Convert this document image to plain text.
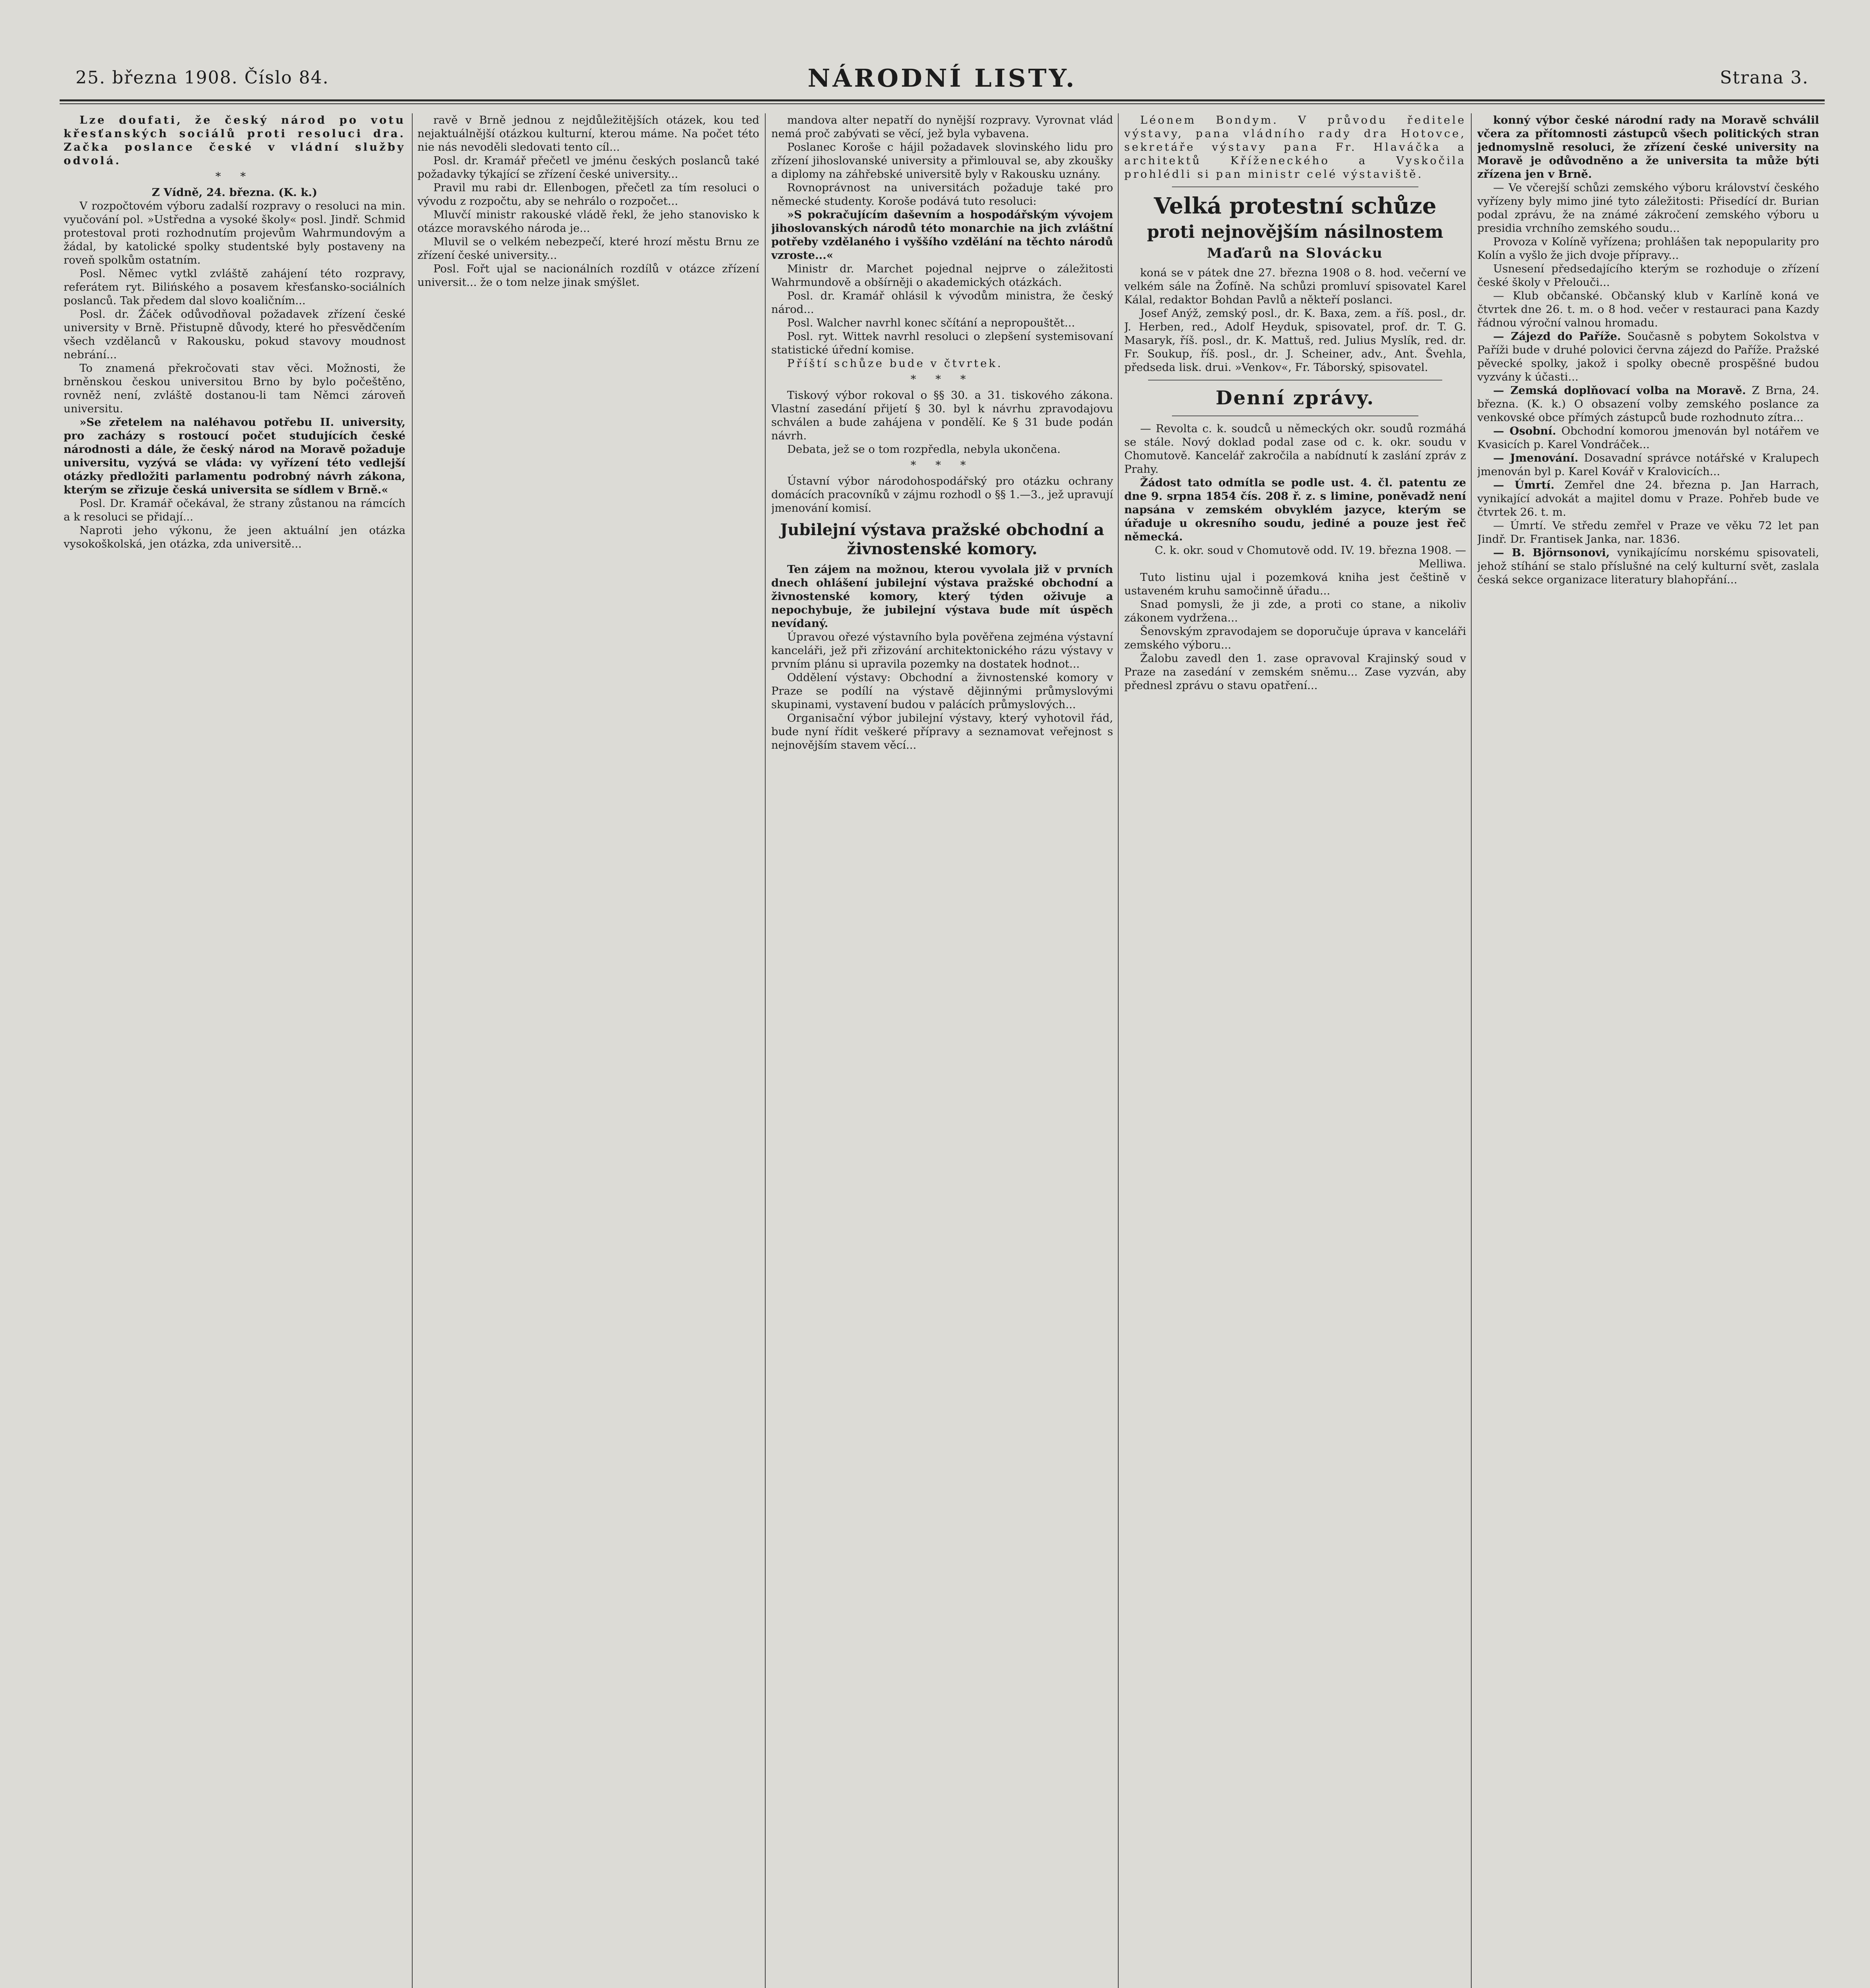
25. března 1908. Číslo 84.	NÁRODNÍ LISTY.	Strana 3.

Lze doufati, že český národ po votu křesťanských sociálů proti resoluci dra. Začka poslance české v vládní služby odvolá.

* *

Z Vídně, 24. března. (K. k.)

V rozpočtovém výboru zadalší rozpravy o resoluci na min. vyučování pol. »Ustředna a vysoké školy« posl. Jindř. Schmid protestoval proti rozhodnutím projevům Wahrmundovým a žádal, by katolické spolky studentské byly postaveny na roveň spolkům ostatním.

Posl. Němec vytkl zvláště zahájení této rozpravy, referátem ryt. Bilińského a posavem křesťansko-sociálních poslanců. Tak předem dal slovo koaličním...

Posl. dr. Žáček odůvodňoval požadavek zřízení české university v Brně. Přistupně důvody, které ho přesvědčením všech vzdělanců v Rakousku, pokud stavovy moudnost nebrání...

To znamená překročovati stav věci. Možnosti, že brněnskou českou universitou Brno by bylo počeštěno, rovněž není, zvláště dostanou-li tam Němci zároveň universitu.

»Se zřetelem na naléhavou potřebu II. university, pro zacházy s rostoucí počet studujících české národnosti a dále, že český národ na Moravě požaduje universitu, vyzývá se vláda: vy vyřízení této vedlejší otázky předložiti parlamentu podrobný návrh zákona, kterým se zřizuje česká universita se sídlem v Brně.«

Posl. Dr. Kramář očekával, že strany zůstanou na rámcích a k resoluci se přidají...

Naproti jeho výkonu, že jeen aktuální jen otázka vysokoškolská, jen otázka, zda universitě...

ravě v Brně jednou z nejdůležitějších otázek, kou teď nejaktuálnější otázkou kulturní, kterou máme. Na počet této nie nás nevoděli sledovati tento cíl...

Posl. dr. Kramář přečetl ve jménu českých poslanců také požadavky týkající se zřízení české university...

Pravil mu rabi dr. Ellenbogen, přečetl za tím resoluci o vývodu z rozpočtu, aby se nehrálo o rozpočet...

Mluvčí ministr rakouské vládě řekl, že jeho stanovisko k otázce moravského národa je...

Mluvil se o velkém nebezpečí, které hrozí městu Brnu ze zřízení české university...

Posl. Fořt ujal se nacionálních rozdílů v otázce zřízení universit... že o tom nelze jinak smýšlet.

mandova alter nepatří do nynější rozpravy. Vyrovnat vlád nemá proč zabývati se věcí, jež byla vybavena.

Poslanec Koroše c hájil požadavek slovinského lidu pro zřízení jihoslovanské university a přimlouval se, aby zkoušky a diplomy na záhřebské universitě byly v Rakousku uznány.

Rovnoprávnost na universitách požaduje také pro německé studenty. Koroše podává tuto resoluci:

»S pokračujícím daševním a hospodářským vývojem jihoslovanských národů této monarchie na jich zvláštní potřeby vzdělaného i vyššího vzdělání na těchto národů vzroste...«

Ministr dr. Marchet pojednal nejprve o záležitosti Wahrmundově a obšírněji o akademických otázkách.

Posl. dr. Kramář ohlásil k vývodům ministra, že český národ...

Posl. Walcher navrhl konec sčítání a nepropouštět...

Posl. ryt. Wittek navrhl resoluci o zlepšení systemisovaní statistické úřední komise.

Příští schůze bude v čtvrtek.

* * *

Tiskový výbor rokoval o §§ 30. a 31. tiskového zákona. Vlastní zasedání přijetí § 30. byl k návrhu zpravodajovu schválen a bude zahájena v pondělí. Ke § 31 bude podán návrh.

Debata, jež se o tom rozpředla, nebyla ukončena.

* * *

Ústavní výbor národohospodářský pro otázku ochrany domácích pracovníků v zájmu rozhodl o §§ 1.—3., jež upravují jmenování komisí.

Jubilejní výstava pražské obchodní a živnostenské komory.

Ten zájem na možnou, kterou vyvolala již v prvních dnech ohlášení jubilejní výstava pražské obchodní a živnostenské komory, který týden oživuje a nepochybuje, že jubilejní výstava bude mít úspěch nevídaný.

Úpravou ořezé výstavního byla pověřena zejména výstavní kanceláři, jež při zřizování architektonického rázu výstavy v prvním plánu si upravila pozemky na dostatek hodnot...

Oddělení výstavy: Obchodní a živnostenské komory v Praze se podílí na výstavě dějinnými průmyslovými skupinami, vystavení budou v palácích průmyslových...

Organisační výbor jubilejní výstavy, který vyhotovil řád, bude nyní řídit veškeré přípravy a seznamovat veřejnost s nejnovějším stavem věcí...

Léonem Bondym. V průvodu ředitele výstavy, pana vládního rady dra Hotovce, sekretáře výstavy pana Fr. Hlaváčka a architektů Kříženeckého a Vyskočila prohlédli si pan ministr celé výstaviště.

Velká protestní schůze
proti nejnovějším násilnostem
Maďarů na Slovácku

koná se v pátek dne 27. března 1908 o 8. hod. večerní ve velkém sále na Žofíně. Na schůzi promluví spisovatel Karel Kálal, redaktor Bohdan Pavlů a někteří poslanci.

Josef Anýž, zemský posl., dr. K. Baxa, zem. a říš. posl., dr. J. Herben, red., Adolf Heyduk, spisovatel, prof. dr. T. G. Masaryk, říš. posl., dr. K. Mattuš, red. Julius Myslík, red. dr. Fr. Soukup, říš. posl., dr. J. Scheiner, adv., Ant. Švehla, předseda lisk. drui. »Venkov«, Fr. Táborský, spisovatel.

Denní zprávy.

— Revolta c. k. soudců u německých okr. soudů rozmáhá se stále. Nový doklad podal zase od c. k. okr. soudu v Chomutově. Kancelář zakročila a nabídnutí k zaslání zpráv z Prahy.

Žádost tato odmítla se podle ust. 4. čl. patentu ze dne 9. srpna 1854 čís. 208 ř. z. s limine, poněvadž není napsána v zemském obvyklém jazyce, kterým se úřaduje u okresního soudu, jediné a pouze jest řeč německá.

C. k. okr. soud v Chomutově odd. IV. 19. března 1908. — Melliwa.

Tuto listinu ujal i pozemková kniha jest češtině v ustaveném kruhu samočinně úřadu...

Snad pomysli, že ji zde, a proti co stane, a nikoliv zákonem vydržena...

Šenovským zpravodajem se doporučuje úprava v kanceláři zemského výboru...

Žalobu zavedl den 1. zase opravoval Krajinský soud v Praze na zasedání v zemském sněmu... Zase vyzván, aby přednesl zprávu o stavu opatření...

konný výbor české národní rady na Moravě schválil včera za přítomnosti zástupců všech politických stran jednomyslně resoluci, že zřízení české university na Moravě je odůvodněno a že universita ta může býti zřízena jen v Brně.

— Ve včerejší schůzi zemského výboru království českého vyřízeny byly mimo jiné tyto záležitosti: Přisedící dr. Burian podal zprávu, že na známé zákročení zemského výboru u presidia vrchního zemského soudu...

Provoza v Kolíně vyřízena; prohlášen tak nepopularity pro Kolín a vyšlo že jich dvoje přípravy...

Usnesení předsedajícího kterým se rozhoduje o zřízení české školy v Přelouči...

— Klub občanské. Občanský klub v Karlíně koná ve čtvrtek dne 26. t. m. o 8 hod. večer v restauraci pana Kazdy řádnou výroční valnou hromadu.

— Zájezd do Paříže. Současně s pobytem Sokolstva v Paříži bude v druhé polovici června zájezd do Paříže. Pražské pěvecké spolky, jakož i spolky obecně prospěšné budou vyzvány k účasti...

— Zemská doplňovací volba na Moravě. Z Brna, 24. března. (K. k.) O obsazení volby zemského poslance za venkovské obce přímých zástupců bude rozhodnuto zítra...

— Osobní. Obchodní komorou jmenován byl notářem ve Kvasicích p. Karel Vondráček...

— Jmenování. Dosavadní správce notářské v Kralupech jmenován byl p. Karel Kovář v Kralovicích...

— Úmrtí. Zemřel dne 24. března p. Jan Harrach, vynikající advokát a majitel domu v Praze. Pohřeb bude ve čtvrtek 26. t. m.

— Úmrtí. Ve středu zemřel v Praze ve věku 72 let pan Jindř. Dr. Frantisek Janka, nar. 1836.

— B. Björnsonovi, vynikajícímu norskému spisovateli, jehož stíhání se stalo příslušné na celý kulturní svět, zaslala česká sekce organizace literatury blahopřání...
